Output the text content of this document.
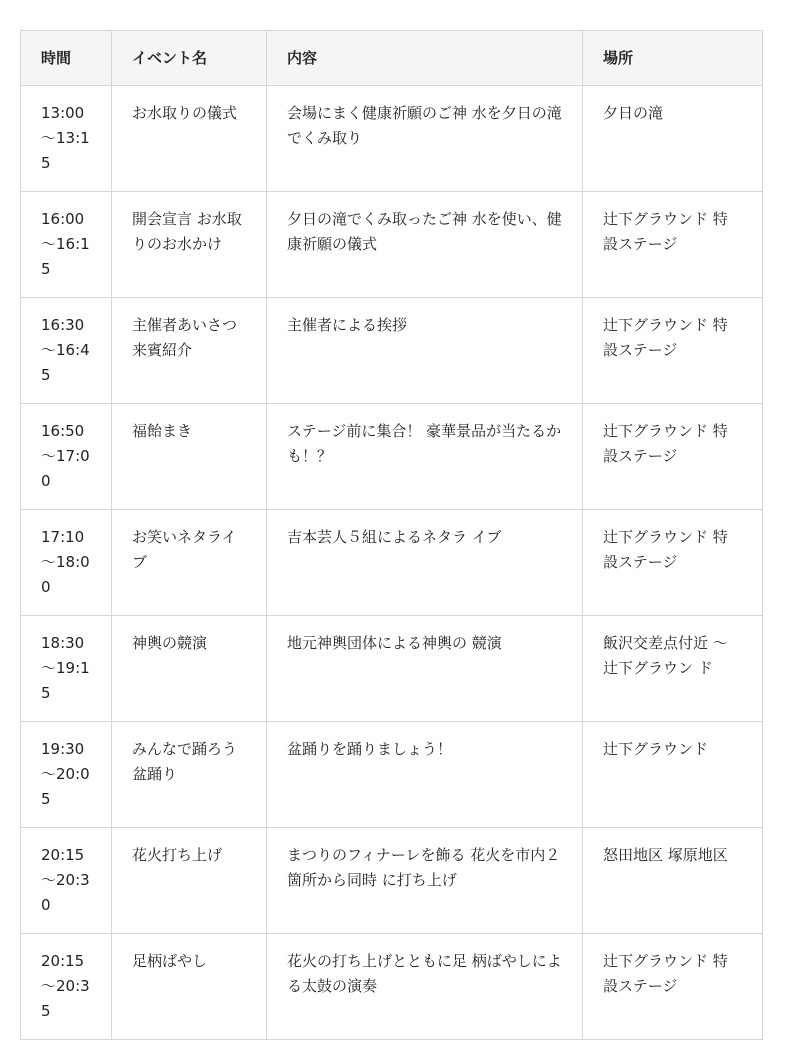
時間	イベント名	内容	場所
13:00 〜13:15	お水取りの儀式	会場にまく健康祈願のご神 水を夕日の滝でくみ取り	夕日の滝
16:00 〜16:15	開会宣言 お水取りのお水かけ	夕日の滝でくみ取ったご神 水を使い、健康祈願の儀式	辻下グラウンド 特設ステージ
16:30 〜16:45	主催者あいさつ 来賓紹介	主催者による挨拶	辻下グラウンド 特設ステージ
16:50 〜17:00	福飴まき	ステージ前に集合！ 豪華景品が当たるかも！？	辻下グラウンド 特設ステージ
17:10 〜18:00	お笑いネタライブ	吉本芸人５組によるネタラ イブ	辻下グラウンド 特設ステージ
18:30 〜19:15	神輿の競演	地元神輿団体による神輿の 競演	飯沢交差点付近 〜辻下グラウン ド
19:30 〜20:05	みんなで踊ろう 盆踊り	盆踊りを踊りましょう！	辻下グラウンド
20:15 〜20:30	花火打ち上げ	まつりのフィナーレを飾る 花火を市内２箇所から同時 に打ち上げ	怒田地区 塚原地区
20:15 〜20:35	足柄ばやし	花火の打ち上げとともに足 柄ばやしによる太鼓の演奏	辻下グラウンド 特設ステージ
